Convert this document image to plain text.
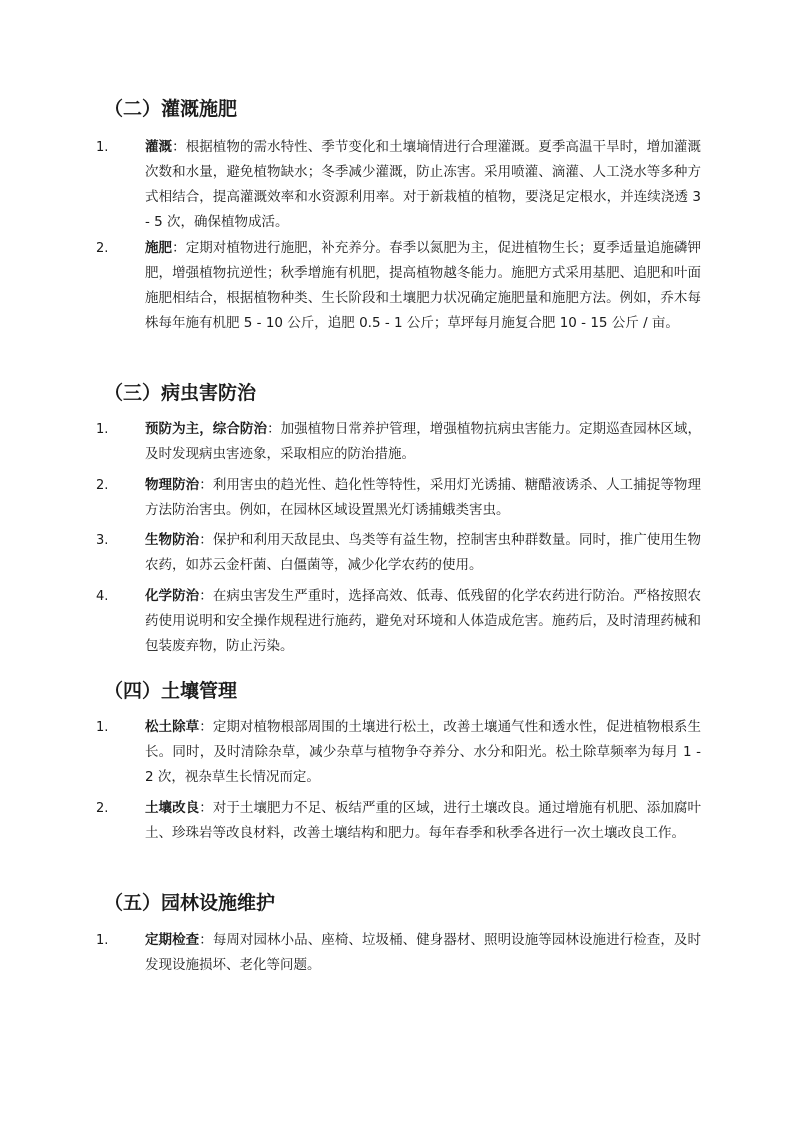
（二）灌溉施肥
1.	灌溉：根据植物的需水特性、季节变化和土壤墒情进行合理灌溉。夏季高温干旱时，增加灌溉次数和水量，避免植物缺水；冬季减少灌溉，防止冻害。采用喷灌、滴灌、人工浇水等多种方式相结合，提高灌溉效率和水资源利用率。对于新栽植的植物，要浇足定根水，并连续浇透 3 - 5 次，确保植物成活。
2.	施肥：定期对植物进行施肥，补充养分。春季以氮肥为主，促进植物生长；夏季适量追施磷钾肥，增强植物抗逆性；秋季增施有机肥，提高植物越冬能力。施肥方式采用基肥、追肥和叶面施肥相结合，根据植物种类、生长阶段和土壤肥力状况确定施肥量和施肥方法。例如，乔木每株每年施有机肥 5 - 10 公斤，追肥 0.5 - 1 公斤；草坪每月施复合肥 10 - 15 公斤 / 亩。
（三）病虫害防治
1.	预防为主，综合防治：加强植物日常养护管理，增强植物抗病虫害能力。定期巡查园林区域，及时发现病虫害迹象，采取相应的防治措施。
2.	物理防治：利用害虫的趋光性、趋化性等特性，采用灯光诱捕、糖醋液诱杀、人工捕捉等物理方法防治害虫。例如，在园林区域设置黑光灯诱捕蛾类害虫。
3.	生物防治：保护和利用天敌昆虫、鸟类等有益生物，控制害虫种群数量。同时，推广使用生物农药，如苏云金杆菌、白僵菌等，减少化学农药的使用。
4.	化学防治：在病虫害发生严重时，选择高效、低毒、低残留的化学农药进行防治。严格按照农药使用说明和安全操作规程进行施药，避免对环境和人体造成危害。施药后，及时清理药械和包装废弃物，防止污染。
（四）土壤管理
1.	松土除草：定期对植物根部周围的土壤进行松土，改善土壤通气性和透水性，促进植物根系生长。同时，及时清除杂草，减少杂草与植物争夺养分、水分和阳光。松土除草频率为每月 1 - 2 次，视杂草生长情况而定。
2.	土壤改良：对于土壤肥力不足、板结严重的区域，进行土壤改良。通过增施有机肥、添加腐叶土、珍珠岩等改良材料，改善土壤结构和肥力。每年春季和秋季各进行一次土壤改良工作。
（五）园林设施维护
1.	定期检查：每周对园林小品、座椅、垃圾桶、健身器材、照明设施等园林设施进行检查，及时发现设施损坏、老化等问题。
